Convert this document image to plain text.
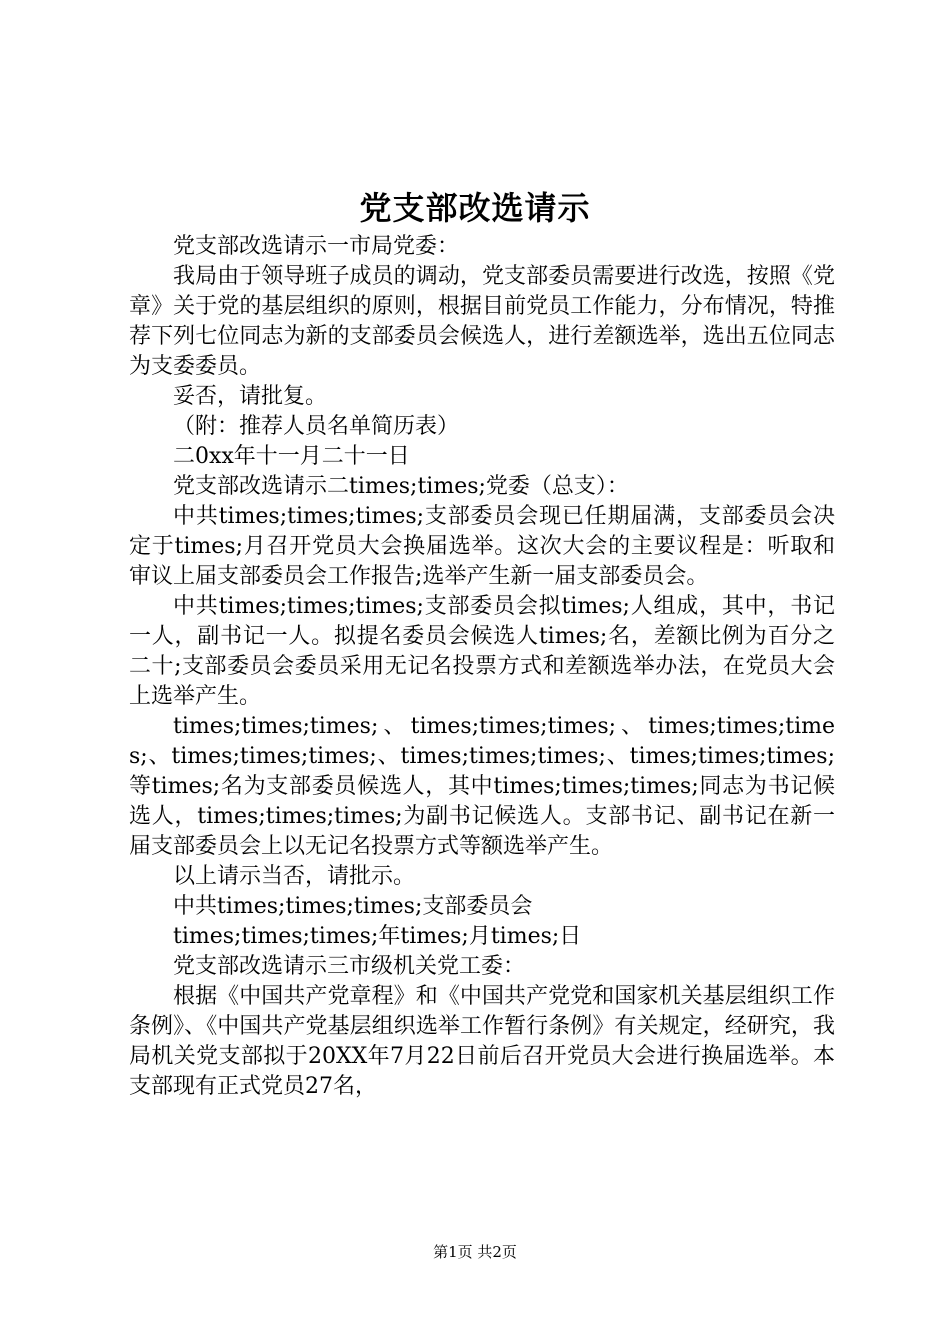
党支部改选请示

党支部改选请示一市局党委：

我局由于领导班子成员的调动，党支部委员需要进行改选，按照《党章》关于党的基层组织的原则，根据目前党员工作能力，分布情况，特推荐下列七位同志为新的支部委员会候选人，进行差额选举，选出五位同志为支委委员。

妥否，请批复。

（附：推荐人员名单简历表）

二0xx年十一月二十一日

党支部改选请示二times;times;党委（总支）：

中共times;times;times;支部委员会现已任期届满，支部委员会决定于times;月召开党员大会换届选举。这次大会的主要议程是：听取和审议上届支部委员会工作报告;选举产生新一届支部委员会。

中共times;times;times;支部委员会拟times;人组成，其中，书记一人，副书记一人。拟提名委员会候选人times;名，差额比例为百分之二十;支部委员会委员采用无记名投票方式和差额选举办法，在党员大会上选举产生。

times;times;times;、times;times;times;、times;times;times;、times;times;times;、times;times;times;、times;times;times;等times;名为支部委员候选人，其中times;times;times;同志为书记候选人，times;times;times;为副书记候选人。支部书记、副书记在新一届支部委员会上以无记名投票方式等额选举产生。

以上请示当否，请批示。

中共times;times;times;支部委员会

times;times;times;年times;月times;日

党支部改选请示三市级机关党工委：

根据《中国共产党章程》和《中国共产党党和国家机关基层组织工作条例》、《中国共产党基层组织选举工作暂行条例》有关规定，经研究，我局机关党支部拟于20XX年7月22日前后召开党员大会进行换届选举。本支部现有正式党员27名，

第1页 共2页
